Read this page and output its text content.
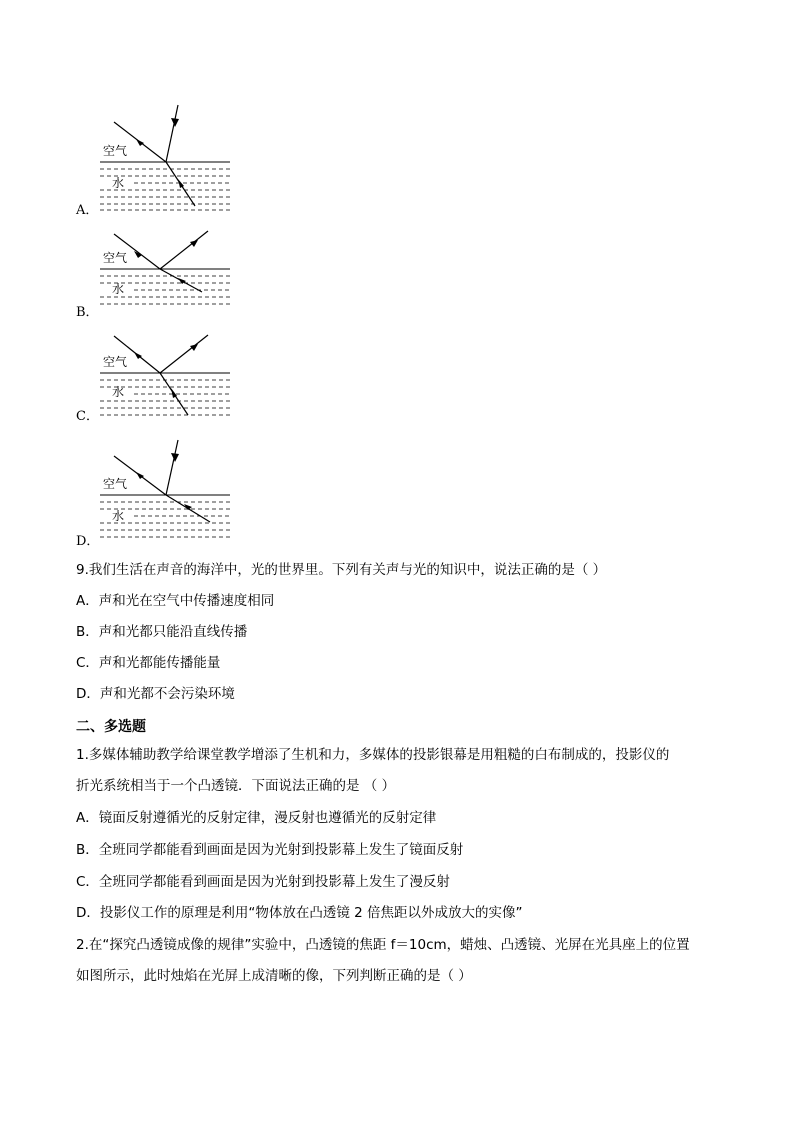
A．
空气
水
B．
空气
水
C．
空气
水
D．
空气
水
9.我们生活在声音的海洋中，光的世界里。下列有关声与光的知识中，说法正确的是（ ）
A．声和光在空气中传播速度相同
B．声和光都只能沿直线传播
C．声和光都能传播能量
D．声和光都不会污染环境
二、多选题
1.多媒体辅助教学给课堂教学增添了生机和力，多媒体的投影银幕是用粗糙的白布制成的，投影仪的
折光系统相当于一个凸透镜．下面说法正确的是 （ ）
A．镜面反射遵循光的反射定律，漫反射也遵循光的反射定律
B．全班同学都能看到画面是因为光射到投影幕上发生了镜面反射
C．全班同学都能看到画面是因为光射到投影幕上发生了漫反射
D．投影仪工作的原理是利用“物体放在凸透镜 2 倍焦距以外成放大的实像”
2.在“探究凸透镜成像的规律”实验中，凸透镜的焦距 f＝10cm，蜡烛、凸透镜、光屏在光具座上的位置
如图所示，此时烛焰在光屏上成清晰的像，下列判断正确的是（ ）
